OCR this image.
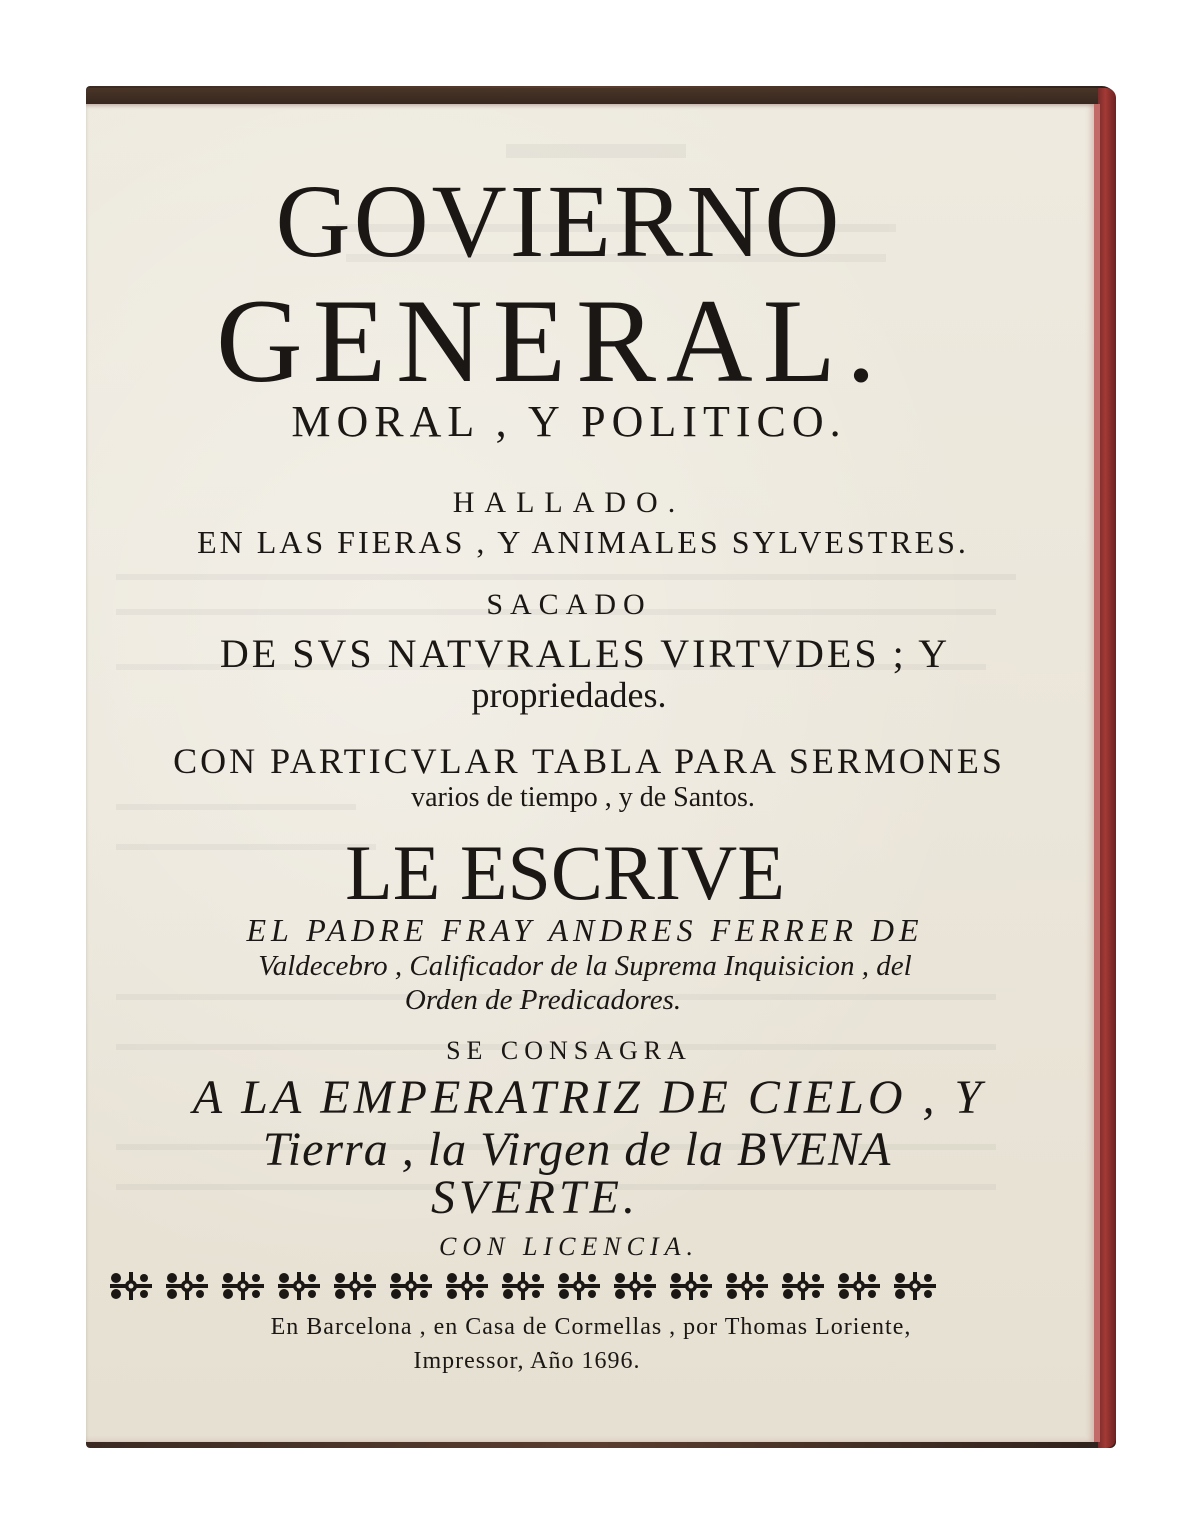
GOVIERNO
GENERAL.
MORAL , Y POLITICO.
HALLADO.
EN LAS FIERAS , Y ANIMALES SYLVESTRES.
SACADO
DE SVS NATVRALES VIRTVDES ; Y
propriedades.
CON PARTICVLAR TABLA PARA SERMONES
varios de tiempo , y de Santos.
LE ESCRIVE
EL PADRE FRAY ANDRES FERRER DE
Valdecebro , Calificador de la Suprema Inquisicion , del
Orden de Predicadores.
SE CONSAGRA
A LA EMPERATRIZ DE CIELO , Y
Tierra , la Virgen de la BVENA
SVERTE.
CON LICENCIA.
En Barcelona , en Casa de Cormellas , por Thomas Loriente,
Impressor, Año 1696.
